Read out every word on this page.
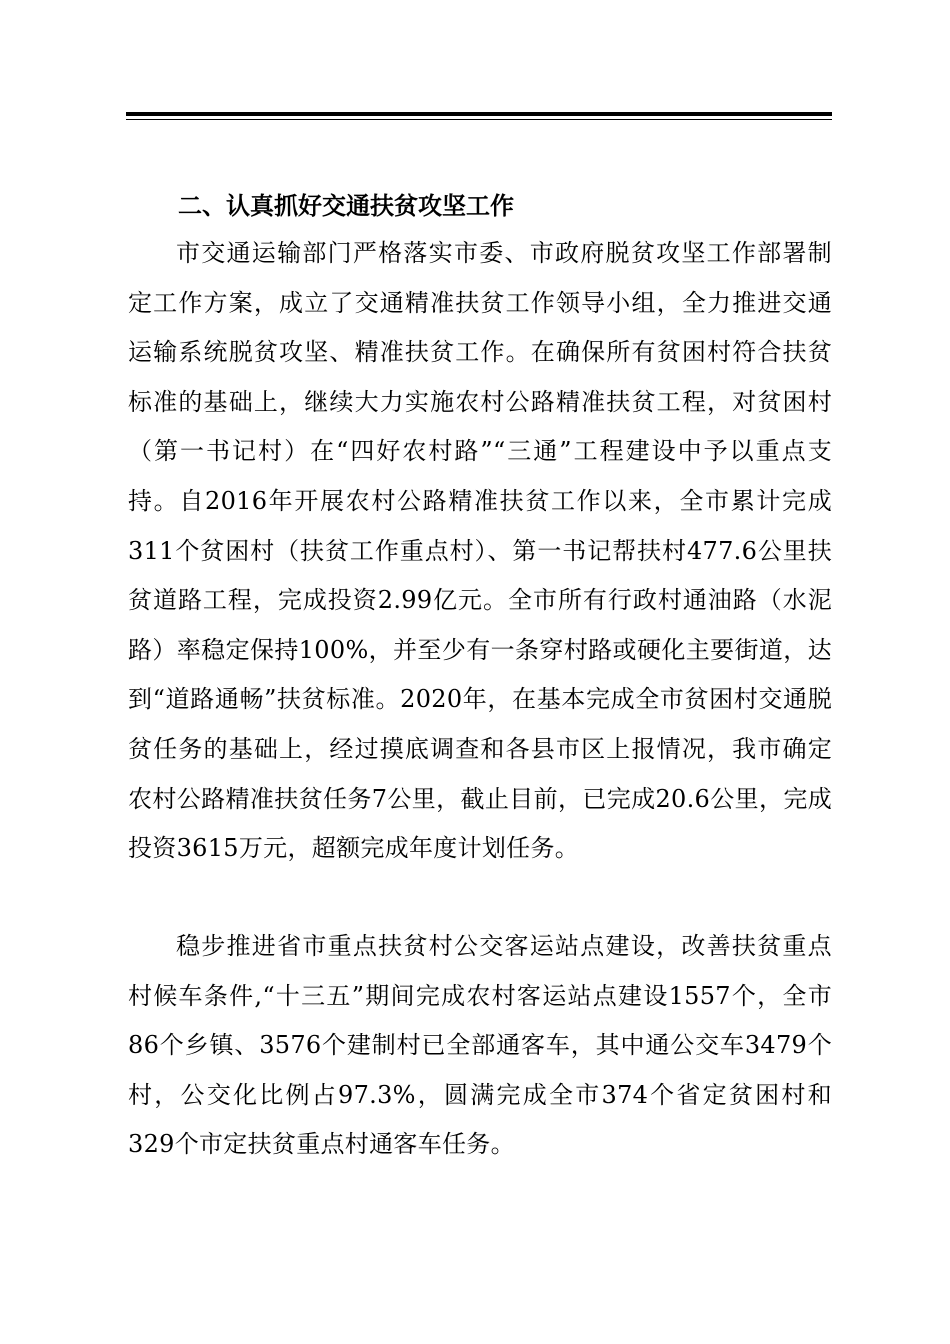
二、认真抓好交通扶贫攻坚工作

市交通运输部门严格落实市委、市政府脱贫攻坚工作部署制定工作方案，成立了交通精准扶贫工作领导小组，全力推进交通运输系统脱贫攻坚、精准扶贫工作。在确保所有贫困村符合扶贫标准的基础上，继续大力实施农村公路精准扶贫工程，对贫困村（第一书记村）在“四好农村路”“三通”工程建设中予以重点支持。自2016年开展农村公路精准扶贫工作以来，全市累计完成311个贫困村（扶贫工作重点村）、第一书记帮扶村477.6公里扶贫道路工程，完成投资2.99亿元。全市所有行政村通油路（水泥路）率稳定保持100%，并至少有一条穿村路或硬化主要街道，达到“道路通畅”扶贫标准。2020年，在基本完成全市贫困村交通脱贫任务的基础上，经过摸底调查和各县市区上报情况，我市确定农村公路精准扶贫任务7公里，截止目前，已完成20.6公里，完成投资3615万元，超额完成年度计划任务。

稳步推进省市重点扶贫村公交客运站点建设，改善扶贫重点村候车条件,“十三五”期间完成农村客运站点建设1557个，全市86个乡镇、3576个建制村已全部通客车，其中通公交车3479个村，公交化比例占97.3%，圆满完成全市374个省定贫困村和329个市定扶贫重点村通客车任务。
